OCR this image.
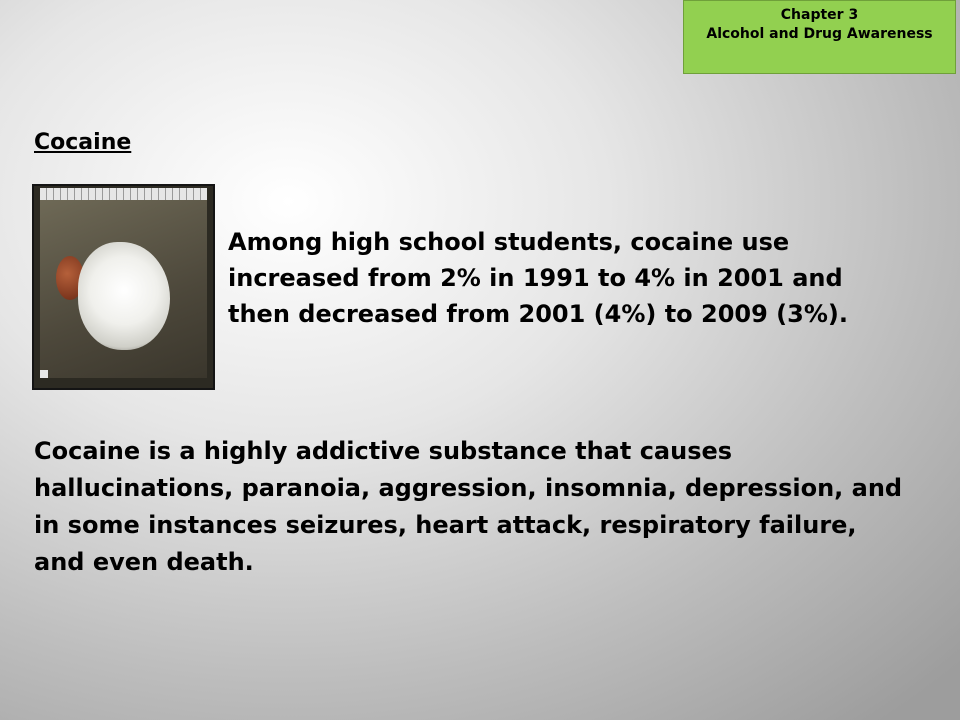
Chapter 3
Alcohol and Drug Awareness
Cocaine

Among high school students, cocaine use increased from 2% in 1991 to 4% in 2001 and then decreased from 2001 (4%) to 2009 (3%).

Cocaine is a highly addictive substance that causes hallucinations, paranoia, aggression, insomnia, depression, and in some instances seizures, heart attack, respiratory failure, and even death.
